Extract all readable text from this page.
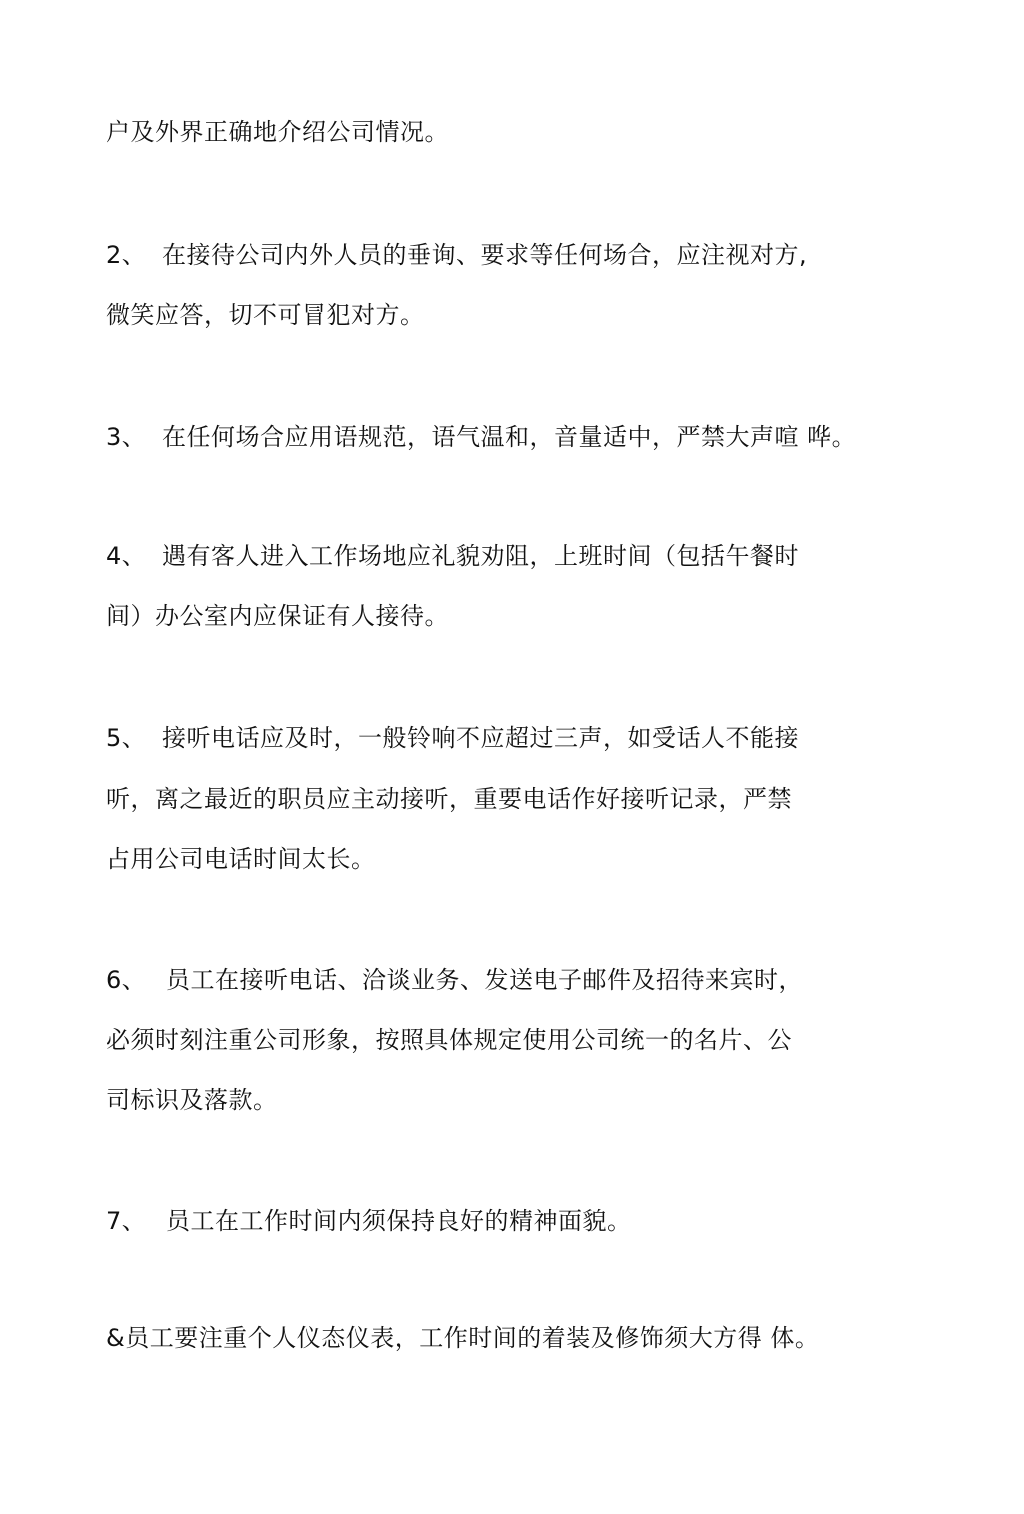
户及外界正确地介绍公司情况。
2、 在接待公司内外人员的垂询、要求等任何场合，应注视对方,
微笑应答，切不可冒犯对方。
3、 在任何场合应用语规范，语气温和，音量适中，严禁大声喧 哗。
4、 遇有客人进入工作场地应礼貌劝阻，上班时间（包括午餐时
间）办公室内应保证有人接待。
5、 接听电话应及时，一般铃响不应超过三声，如受话人不能接
听，离之最近的职员应主动接听，重要电话作好接听记录，严禁
占用公司电话时间太长。
6、 员工在接听电话、洽谈业务、发送电子邮件及招待来宾时，
必须时刻注重公司形象，按照具体规定使用公司统一的名片、公
司标识及落款。
7、 员工在工作时间内须保持良好的精神面貌。
&员工要注重个人仪态仪表，工作时间的着装及修饰须大方得 体。
